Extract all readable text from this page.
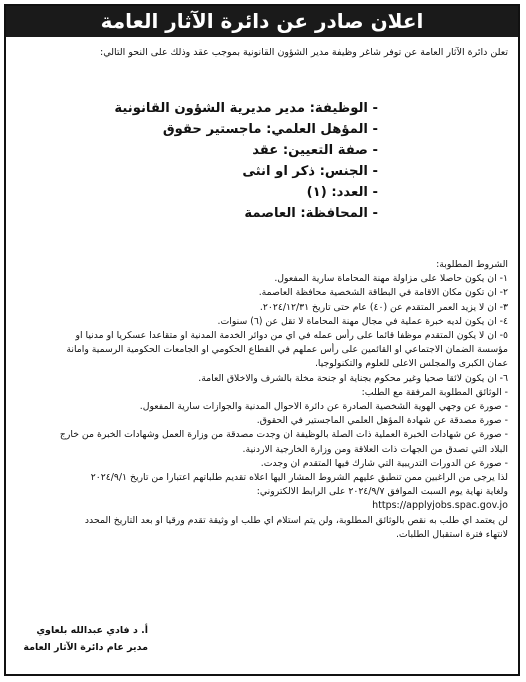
اعلان صادر عن دائرة الآثار العامة
تعلن دائرة الآثار العامة عن توفر شاغر وظيفة مدير الشؤون القانونية بموجب عقد وذلك على النحو التالي:
- الوظيفة: مدير مديرية الشؤون القانونية
- المؤهل العلمي: ماجستير حقوق
- صفة التعيين: عقد
- الجنس: ذكر او انثى
- العدد: (١)
- المحافظة: العاصمة
الشروط المطلوبة:
١- ان يكون حاصلا على مزاولة مهنة المحاماة سارية المفعول.
٢- ان تكون مكان الاقامة في البطاقة الشخصية محافظة العاصمة.
٣- ان لا يزيد العمر المتقدم عن (٤٠) عام حتى تاريخ ٢٠٢٤/١٢/٣١.
٤- ان يكون لديه خبرة عملية في مجال مهنة المحاماة لا تقل عن (٦) سنوات.
٥- ان لا يكون المتقدم موظفا قائما على رأس عمله في اي من دوائر الخدمة المدنية او متقاعدا عسكريا او مدنيا او
مؤسسة الضمان الاجتماعي او القائمين على رأس عملهم في القطاع الحكومي او الجامعات الحكومية الرسمية وامانة
عمان الكبرى والمجلس الاعلى للعلوم والتكنولوجيا.
٦- ان يكون لائقا صحيا وغير محكوم بجناية او جنحة مخلة بالشرف والاخلاق العامة.
- الوثائق المطلوبة المرفقة مع الطلب:
- صورة عن وجهي الهوية الشخصية الصادرة عن دائرة الاحوال المدنية والجوازات سارية المفعول.
- صورة مصدقة عن شهادة المؤهل العلمي الماجستير في الحقوق.
- صورة عن شهادات الخبرة العملية ذات الصلة بالوظيفة ان وجدت مصدقة من وزارة العمل وشهادات الخبرة من خارج
البلاد التي تصدق من الجهات ذات العلاقة ومن وزارة الخارجية الاردنية.
- صورة عن الدورات التدريبية التي شارك فيها المتقدم ان وجدت.
لذا يرجى من الراغبين ممن تنطبق عليهم الشروط المشار اليها اعلاه تقديم طلباتهم اعتبارا من تاريخ ٢٠٢٤/٩/١
ولغاية نهاية يوم السبت الموافق ٢٠٢٤/٩/٧ على الرابط الالكتروني:
https://applyjobs.spac.gov.jo
لن يعتمد اي طلب به نقص بالوثائق المطلوبة، ولن يتم استلام اي طلب او وثيقة تقدم ورقيا او بعد التاريخ المحدد
لانتهاء فترة استقبال الطلبات.
أ. د فادي عبدالله بلعاوي
مدير عام دائرة الآثار العامة
